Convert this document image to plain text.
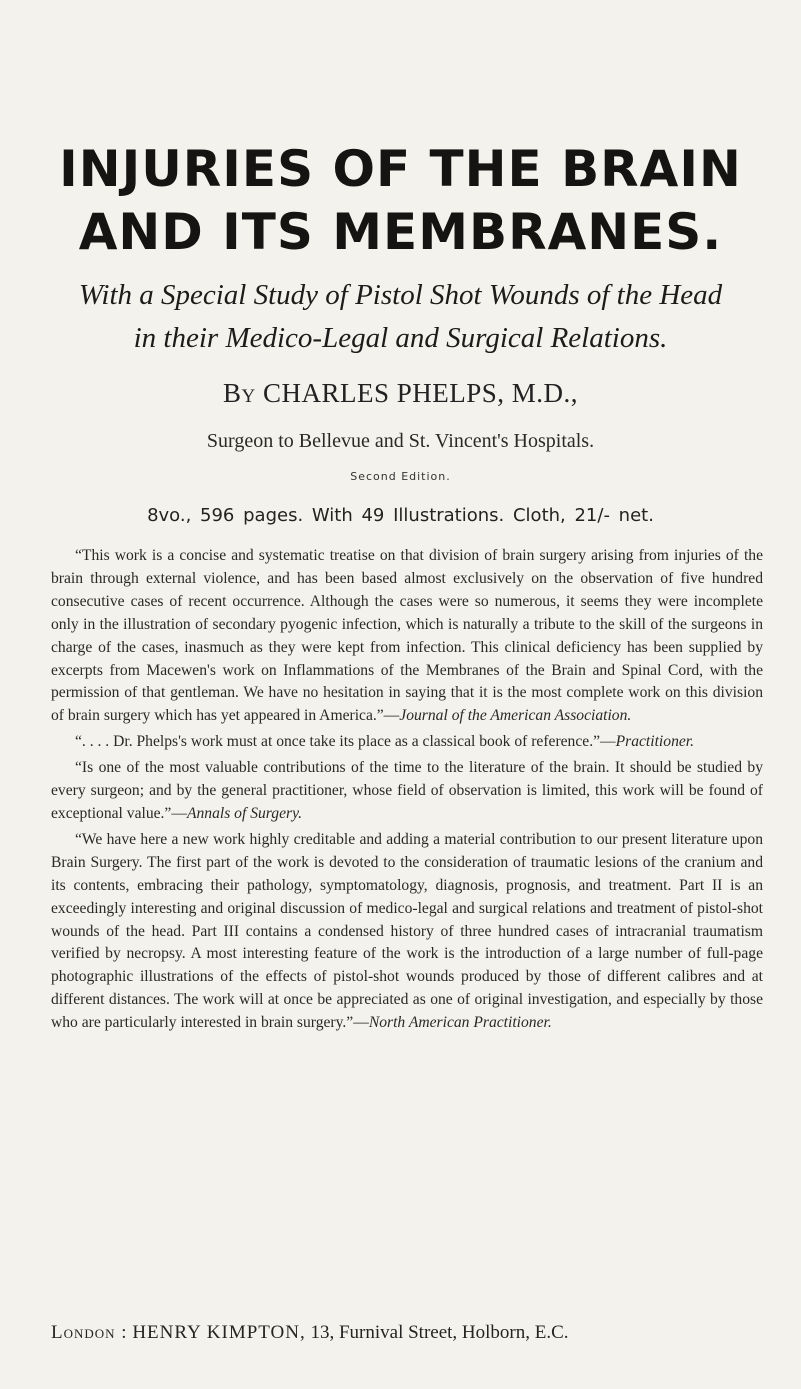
INJURIES OF THE BRAIN
AND ITS MEMBRANES.
With a Special Study of Pistol Shot Wounds of the Head
in their Medico-Legal and Surgical Relations.
By CHARLES PHELPS, M.D.,
Surgeon to Bellevue and St. Vincent's Hospitals.
Second Edition.
8vo., 596 pages. With 49 Illustrations. Cloth, 21/- net.

“This work is a concise and systematic treatise on that division of brain surgery arising from injuries of the brain through external violence, and has been based almost exclusively on the observation of five hundred consecutive cases of recent occurrence. Although the cases were so numerous, it seems they were incomplete only in the illustration of secondary pyogenic infection, which is naturally a tribute to the skill of the surgeons in charge of the cases, inasmuch as they were kept from infection. This clinical deficiency has been supplied by excerpts from Macewen's work on Inflammations of the Membranes of the Brain and Spinal Cord, with the permission of that gentleman. We have no hesitation in saying that it is the most complete work on this division of brain surgery which has yet appeared in America.”—Journal of the American Association.

“. . . . Dr. Phelps's work must at once take its place as a classical book of reference.”—Practitioner.

“Is one of the most valuable contributions of the time to the literature of the brain. It should be studied by every surgeon; and by the general practitioner, whose field of observation is limited, this work will be found of exceptional value.”—Annals of Surgery.

“We have here a new work highly creditable and adding a material contribution to our present literature upon Brain Surgery. The first part of the work is devoted to the consideration of traumatic lesions of the cranium and its contents, embracing their pathology, symptomatology, diagnosis, prognosis, and treatment. Part II is an exceedingly interesting and original discussion of medico-legal and surgical relations and treatment of pistol-shot wounds of the head. Part III contains a condensed history of three hundred cases of intracranial traumatism verified by necropsy. A most interesting feature of the work is the introduction of a large number of full-page photographic illustrations of the effects of pistol-shot wounds produced by those of different calibres and at different distances. The work will at once be appreciated as one of original investigation, and especially by those who are particularly interested in brain surgery.”—North American Practitioner.

London : HENRY KIMPTON, 13, Furnival Street, Holborn, E.C.
